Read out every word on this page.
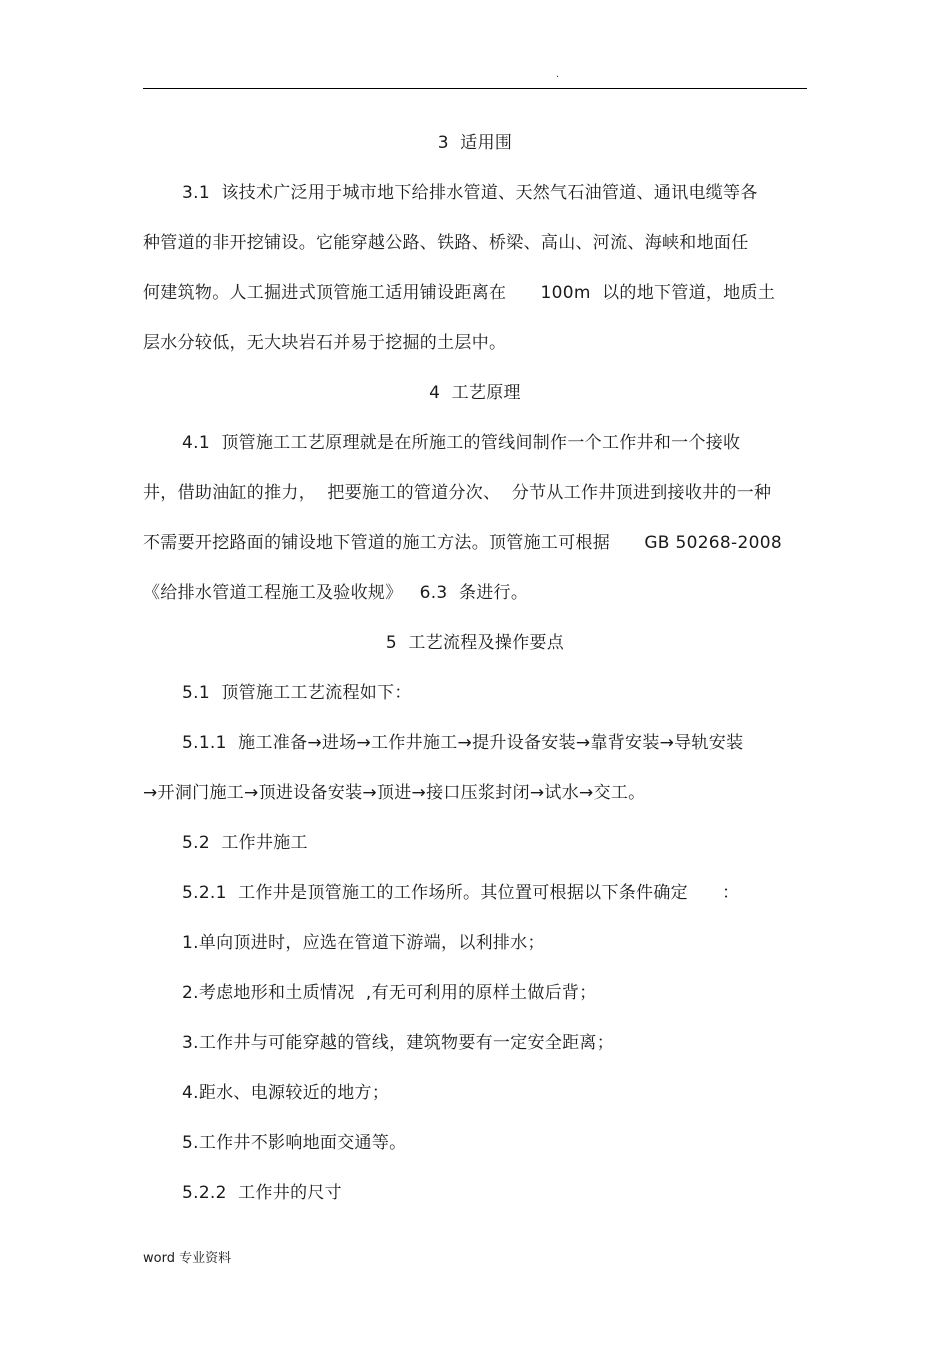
.
3  适用围
3.1  该技术广泛用于城市地下给排水管道、天然气石油管道、通讯电缆等各
种管道的非开挖铺设。它能穿越公路、铁路、桥梁、高山、河流、海峡和地面任
何建筑物。人工掘进式顶管施工适用铺设距离在      100m  以的地下管道，地质土
层水分较低，无大块岩石并易于挖掘的土层中。
4  工艺原理
4.1  顶管施工工艺原理就是在所施工的管线间制作一个工作井和一个接收
井，借助油缸的推力，  把要施工的管道分次、  分节从工作井顶进到接收井的一种
不需要开挖路面的铺设地下管道的施工方法。顶管施工可根据      GB 50268-2008
《给排水管道工程施工及验收规》   6.3  条进行。
5  工艺流程及操作要点
5.1  顶管施工工艺流程如下：
5.1.1  施工准备→进场→工作井施工→提升设备安装→靠背安装→导轨安装
→开洞门施工→顶进设备安装→顶进→接口压浆封闭→试水→交工。
5.2  工作井施工
5.2.1  工作井是顶管施工的工作场所。其位置可根据以下条件确定      ：
1.单向顶进时，应选在管道下游端，以利排水；
2.考虑地形和土质情况  ,有无可利用的原样土做后背；
3.工作井与可能穿越的管线，建筑物要有一定安全距离；
4.距水、电源较近的地方；
5.工作井不影响地面交通等。
5.2.2  工作井的尺寸
word 专业资料
